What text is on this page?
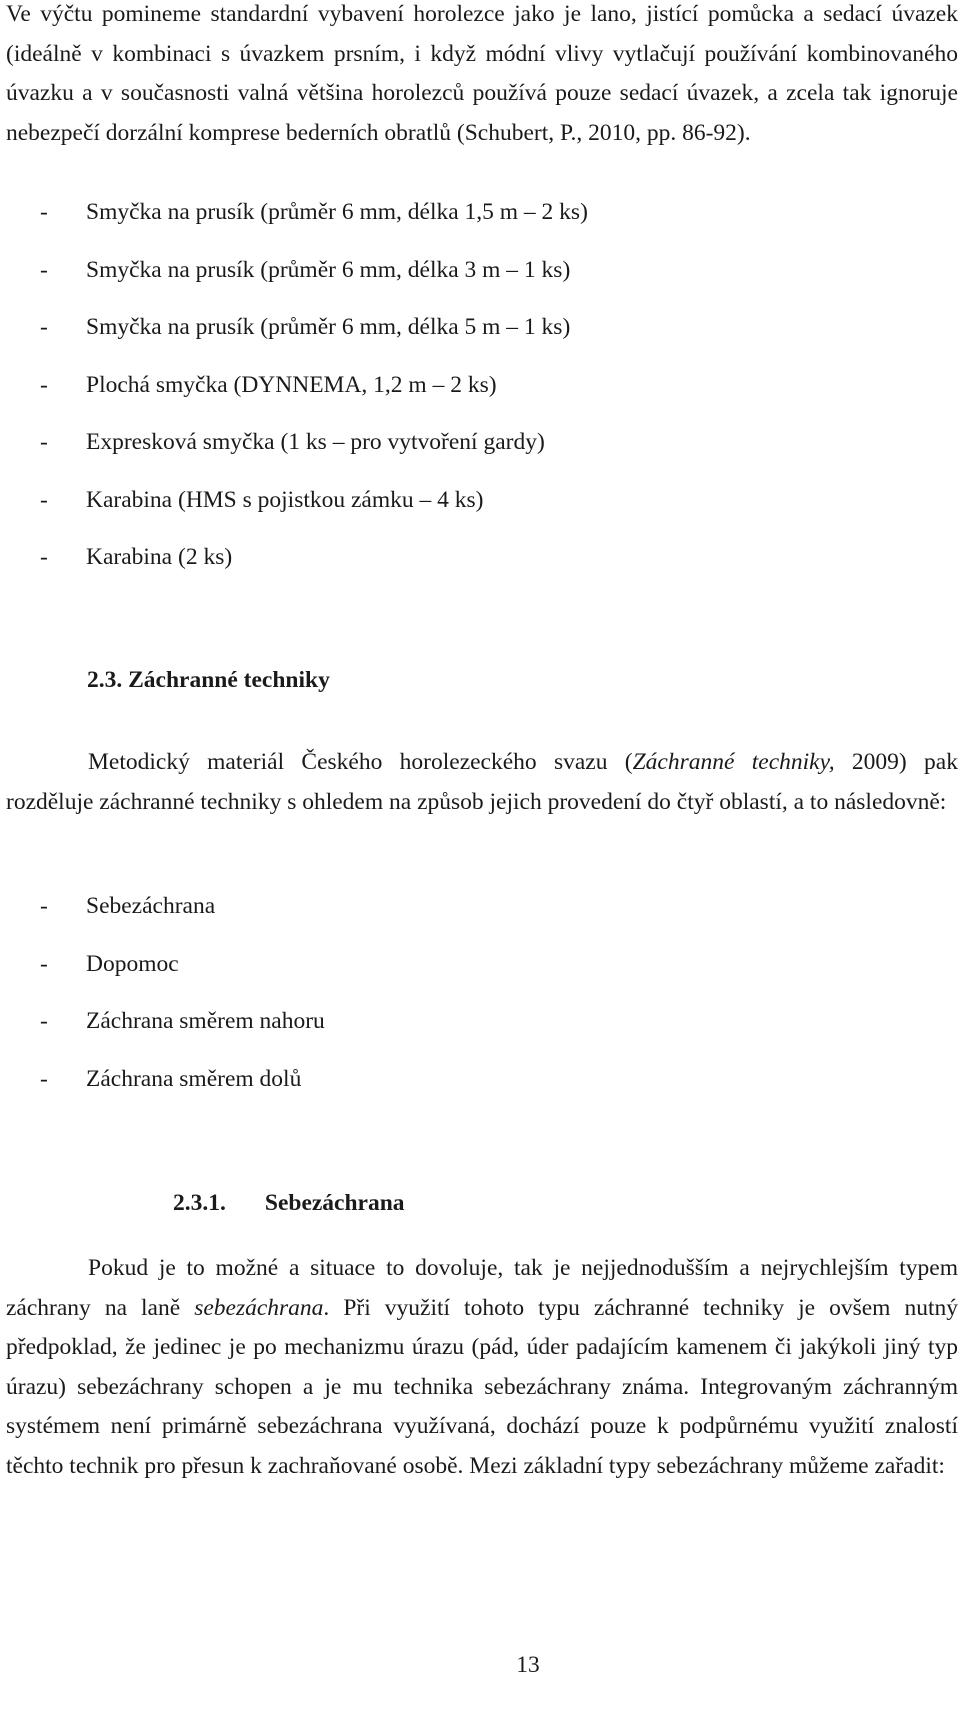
Ve výčtu pomineme standardní vybavení horolezce jako je lano, jistící pomůcka a sedací úvazek (ideálně v kombinaci s úvazkem prsním, i když módní vlivy vytlačují používání kombinovaného úvazku a v současnosti valná většina horolezců používá pouze sedací úvazek, a zcela tak ignoruje nebezpečí dorzální komprese bederních obratlů (Schubert, P., 2010, pp. 86-92).

-	Smyčka na prusík (průměr 6 mm, délka 1,5 m – 2 ks)
-	Smyčka na prusík (průměr 6 mm, délka 3 m – 1 ks)
-	Smyčka na prusík (průměr 6 mm, délka 5 m – 1 ks)
-	Plochá smyčka (DYNNEMA, 1,2 m – 2 ks)
-	Expresková smyčka (1 ks – pro vytvoření gardy)
-	Karabina (HMS s pojistkou zámku – 4 ks)
-	Karabina (2 ks)
2.3. Záchranné techniky

Metodický materiál Českého horolezeckého svazu (Záchranné techniky, 2009) pak rozděluje záchranné techniky s ohledem na způsob jejich provedení do čtyř oblastí, a to následovně:

-	Sebezáchrana
-	Dopomoc
-	Záchrana směrem nahoru
-	Záchrana směrem dolů
2.3.1. Sebezáchrana

Pokud je to možné a situace to dovoluje, tak je nejjednodušším a nejrychlejším typem záchrany na laně sebezáchrana. Při využití tohoto typu záchranné techniky je ovšem nutný předpoklad, že jedinec je po mechanizmu úrazu (pád, úder padajícím kamenem či jakýkoli jiný typ úrazu) sebezáchrany schopen a je mu technika sebezáchrany známa. Integrovaným záchranným systémem není primárně sebezáchrana využívaná, dochází pouze k podpůrnému využití znalostí těchto technik pro přesun k zachraňované osobě. Mezi základní typy sebezáchrany můžeme zařadit:

13
